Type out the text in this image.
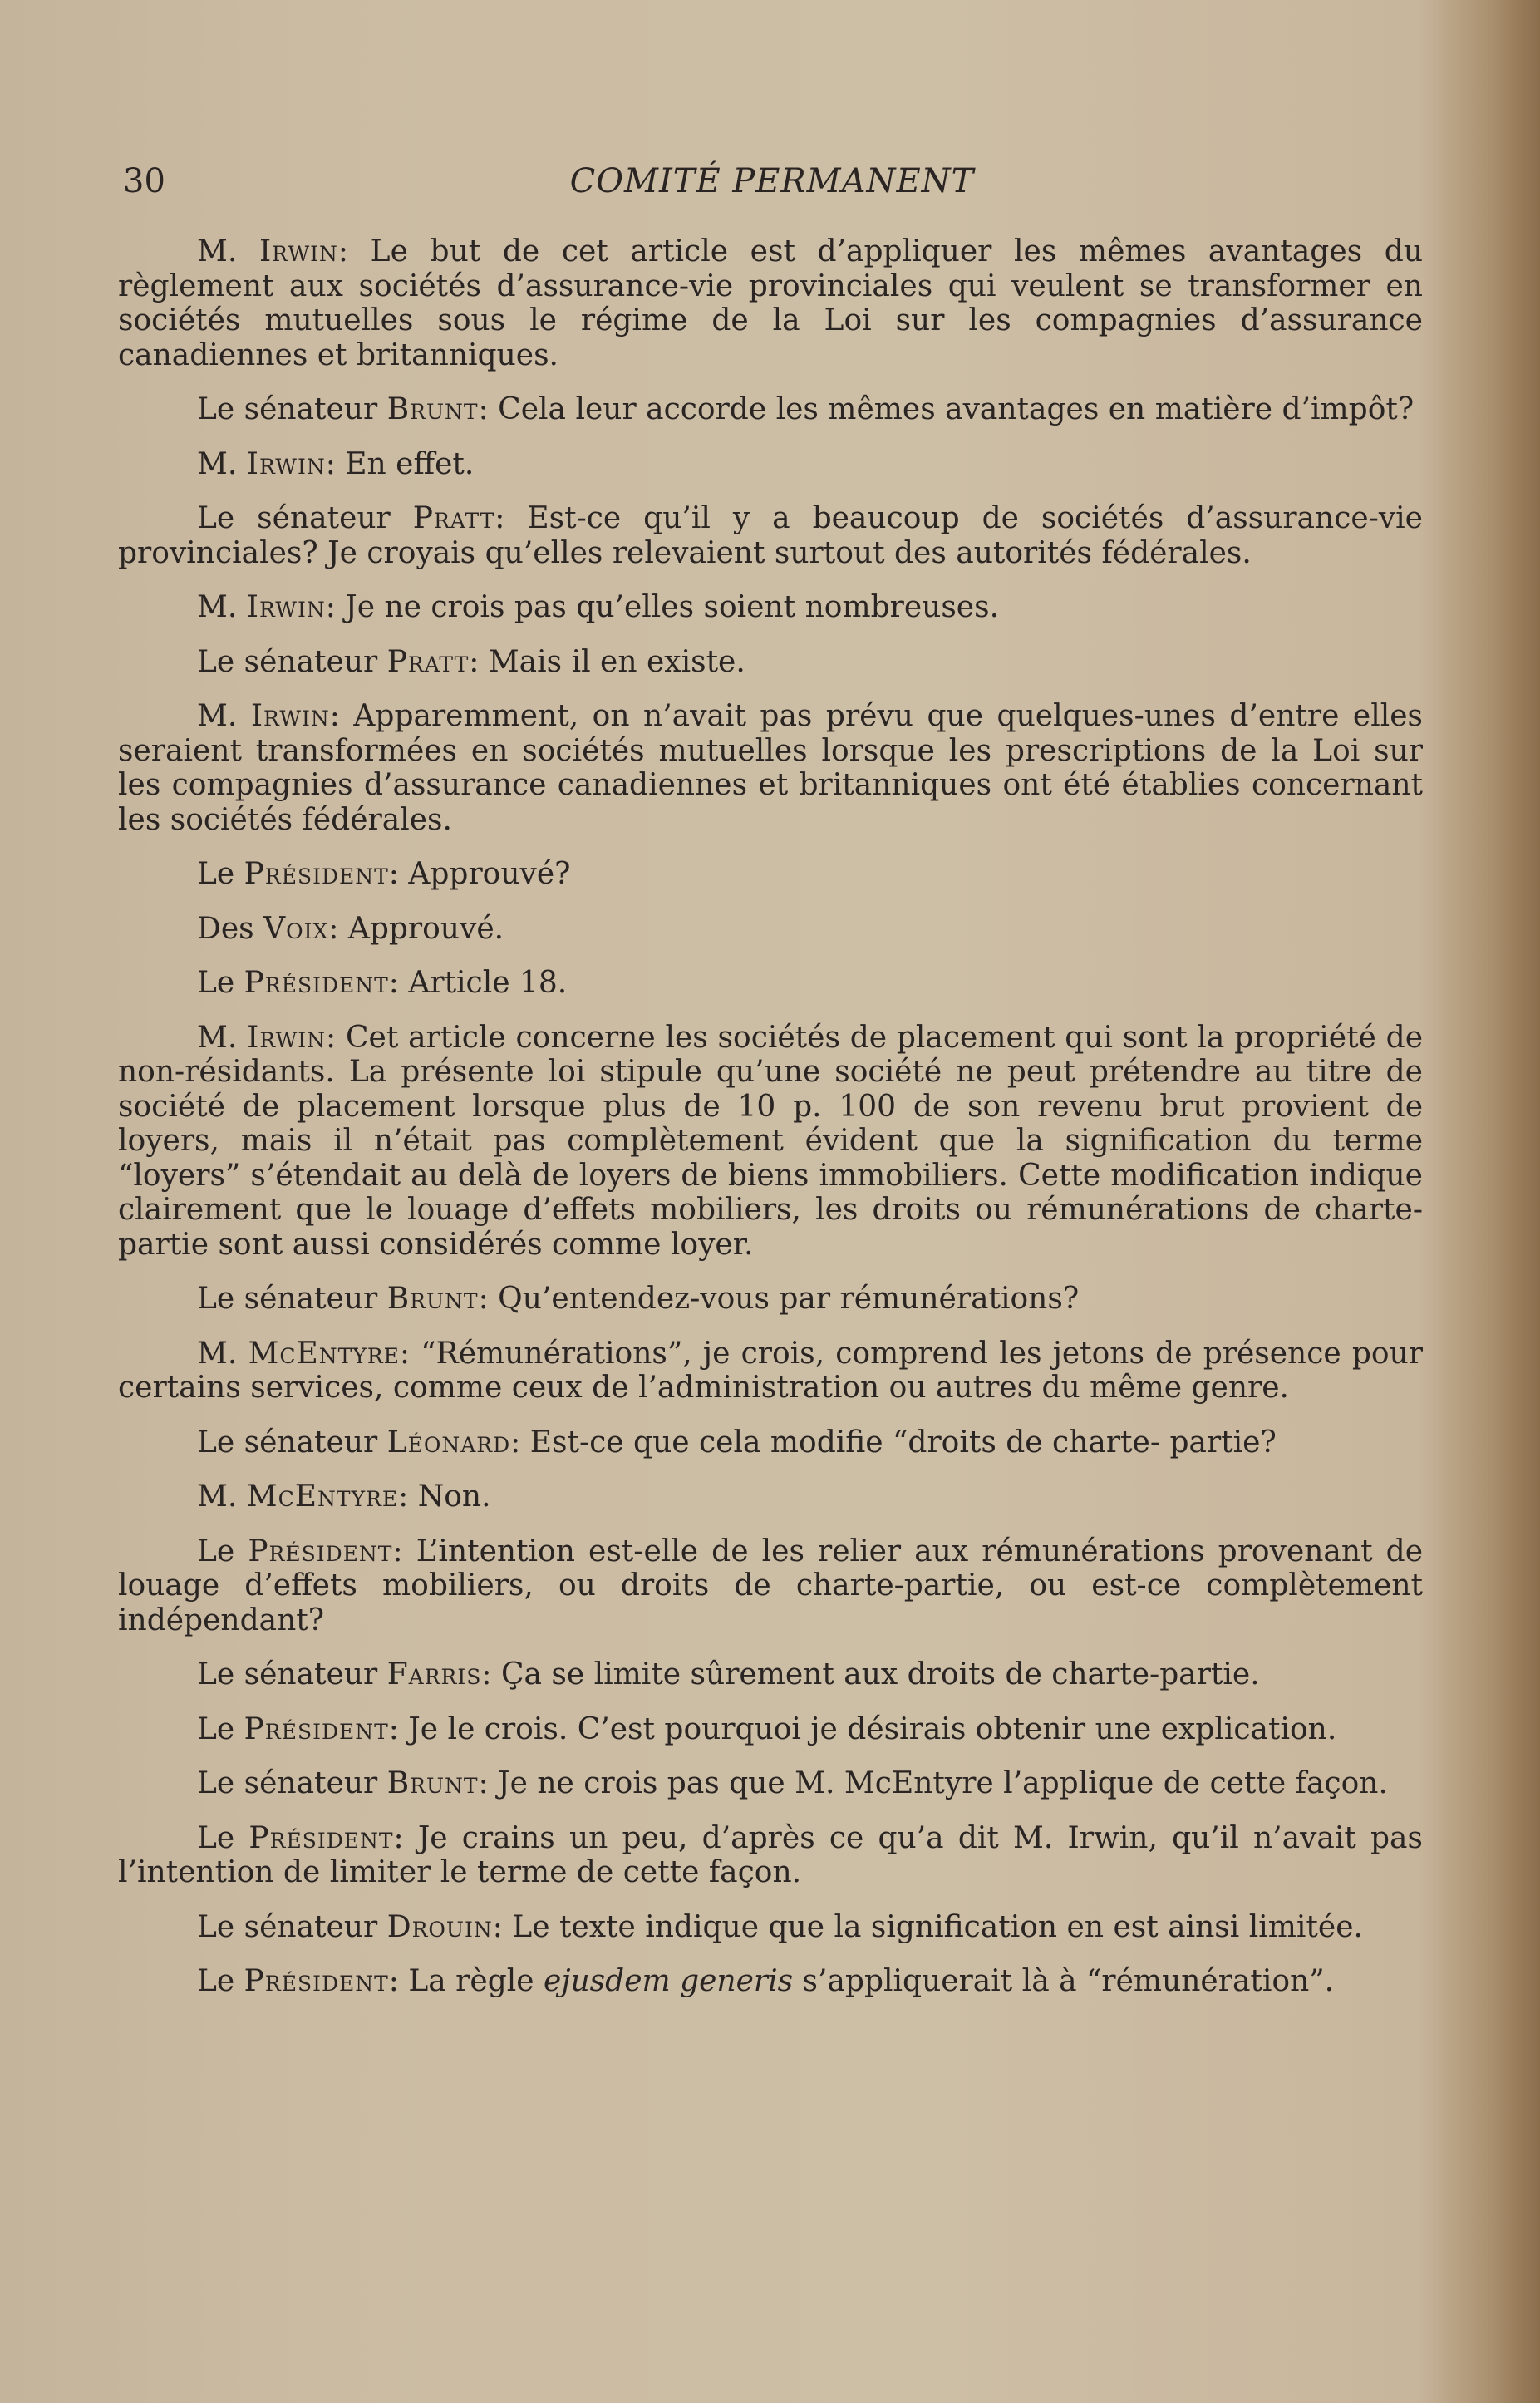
30	COMITÉ PERMANENT

M. Irwin: Le but de cet article est d’appliquer les mêmes avantages du règlement aux sociétés d’assurance-vie provinciales qui veulent se transformer en sociétés mutuelles sous le régime de la Loi sur les compagnies d’assurance canadiennes et britanniques.

Le sénateur Brunt: Cela leur accorde les mêmes avantages en matière d’impôt?

M. Irwin: En effet.

Le sénateur Pratt: Est-ce qu’il y a beaucoup de sociétés d’assurance-vie provinciales? Je croyais qu’elles relevaient surtout des autorités fédérales.

M. Irwin: Je ne crois pas qu’elles soient nombreuses.

Le sénateur Pratt: Mais il en existe.

M. Irwin: Apparemment, on n’avait pas prévu que quelques-unes d’entre elles seraient transformées en sociétés mutuelles lorsque les prescriptions de la Loi sur les compagnies d’assurance canadiennes et britanniques ont été établies concernant les sociétés fédérales.

Le Président: Approuvé?

Des Voix: Approuvé.

Le Président: Article 18.

M. Irwin: Cet article concerne les sociétés de placement qui sont la propriété de non-résidants. La présente loi stipule qu’une société ne peut prétendre au titre de société de placement lorsque plus de 10 p. 100 de son revenu brut provient de loyers, mais il n’était pas complètement évident que la signification du terme “loyers” s’étendait au delà de loyers de biens immobiliers. Cette modification indique clairement que le louage d’effets mobiliers, les droits ou rémunérations de charte-partie sont aussi considérés comme loyer.

Le sénateur Brunt: Qu’entendez-vous par rémunérations?

M. McEntyre: “Rémunérations”, je crois, comprend les jetons de présence pour certains services, comme ceux de l’administration ou autres du même genre.

Le sénateur Léonard: Est-ce que cela modifie “droits de charte- partie?

M. McEntyre: Non.

Le Président: L’intention est-elle de les relier aux rémunérations provenant de louage d’effets mobiliers, ou droits de charte-partie, ou est-ce complètement indépendant?

Le sénateur Farris: Ça se limite sûrement aux droits de charte-partie.

Le Président: Je le crois. C’est pourquoi je désirais obtenir une explication.

Le sénateur Brunt: Je ne crois pas que M. McEntyre l’applique de cette façon.

Le Président: Je crains un peu, d’après ce qu’a dit M. Irwin, qu’il n’avait pas l’intention de limiter le terme de cette façon.

Le sénateur Drouin: Le texte indique que la signification en est ainsi limitée.

Le Président: La règle ejusdem generis s’appliquerait là à “rémunération”.
